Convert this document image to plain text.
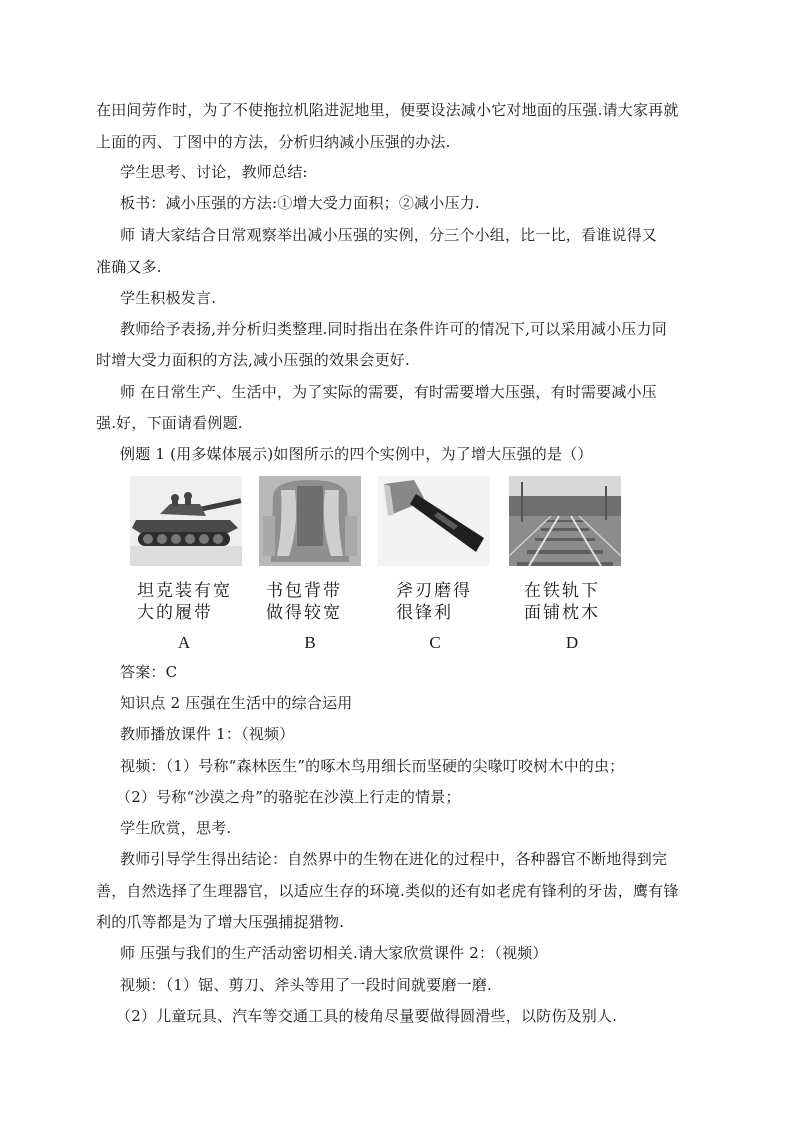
在田间劳作时，为了不使拖拉机陷进泥地里，便要设法减小它对地面的压强.请大家再就
上面的丙、丁图中的方法，分析归纳减小压强的办法.
学生思考、讨论，教师总结:
板书：减小压强的方法:①增大受力面积；②减小压力.
师 请大家结合日常观察举出减小压强的实例，分三个小组，比一比，看谁说得又
准确又多.
学生积极发言.
教师给予表扬,并分析归类整理.同时指出在条件许可的情况下,可以采用减小压力同
时增大受力面积的方法,减小压强的效果会更好.
师 在日常生产、生活中，为了实际的需要，有时需要增大压强，有时需要减小压
强.好，下面请看例题.
例题 1 (用多媒体展示)如图所示的四个实例中，为了增大压强的是（）
坦克装有宽
大的履带
书包背带
做得较宽
斧刃磨得
很锋利
在铁轨下
面铺枕木
A	B	C	D
答案：C
知识点 2 压强在生活中的综合运用
教师播放课件 1：（视频）
视频：（1）号称“森林医生”的啄木鸟用细长而坚硬的尖喙叮咬树木中的虫；
（2）号称“沙漠之舟”的骆驼在沙漠上行走的情景；
学生欣赏，思考.
教师引导学生得出结论：自然界中的生物在进化的过程中，各种器官不断地得到完
善，自然选择了生理器官，以适应生存的环境.类似的还有如老虎有锋利的牙齿，鹰有锋
利的爪等都是为了增大压强捕捉猎物.
师 压强与我们的生产活动密切相关.请大家欣赏课件 2：（视频）
视频：（1）锯、剪刀、斧头等用了一段时间就要磨一磨.
（2）儿童玩具、汽车等交通工具的棱角尽量要做得圆滑些，以防伤及别人.
